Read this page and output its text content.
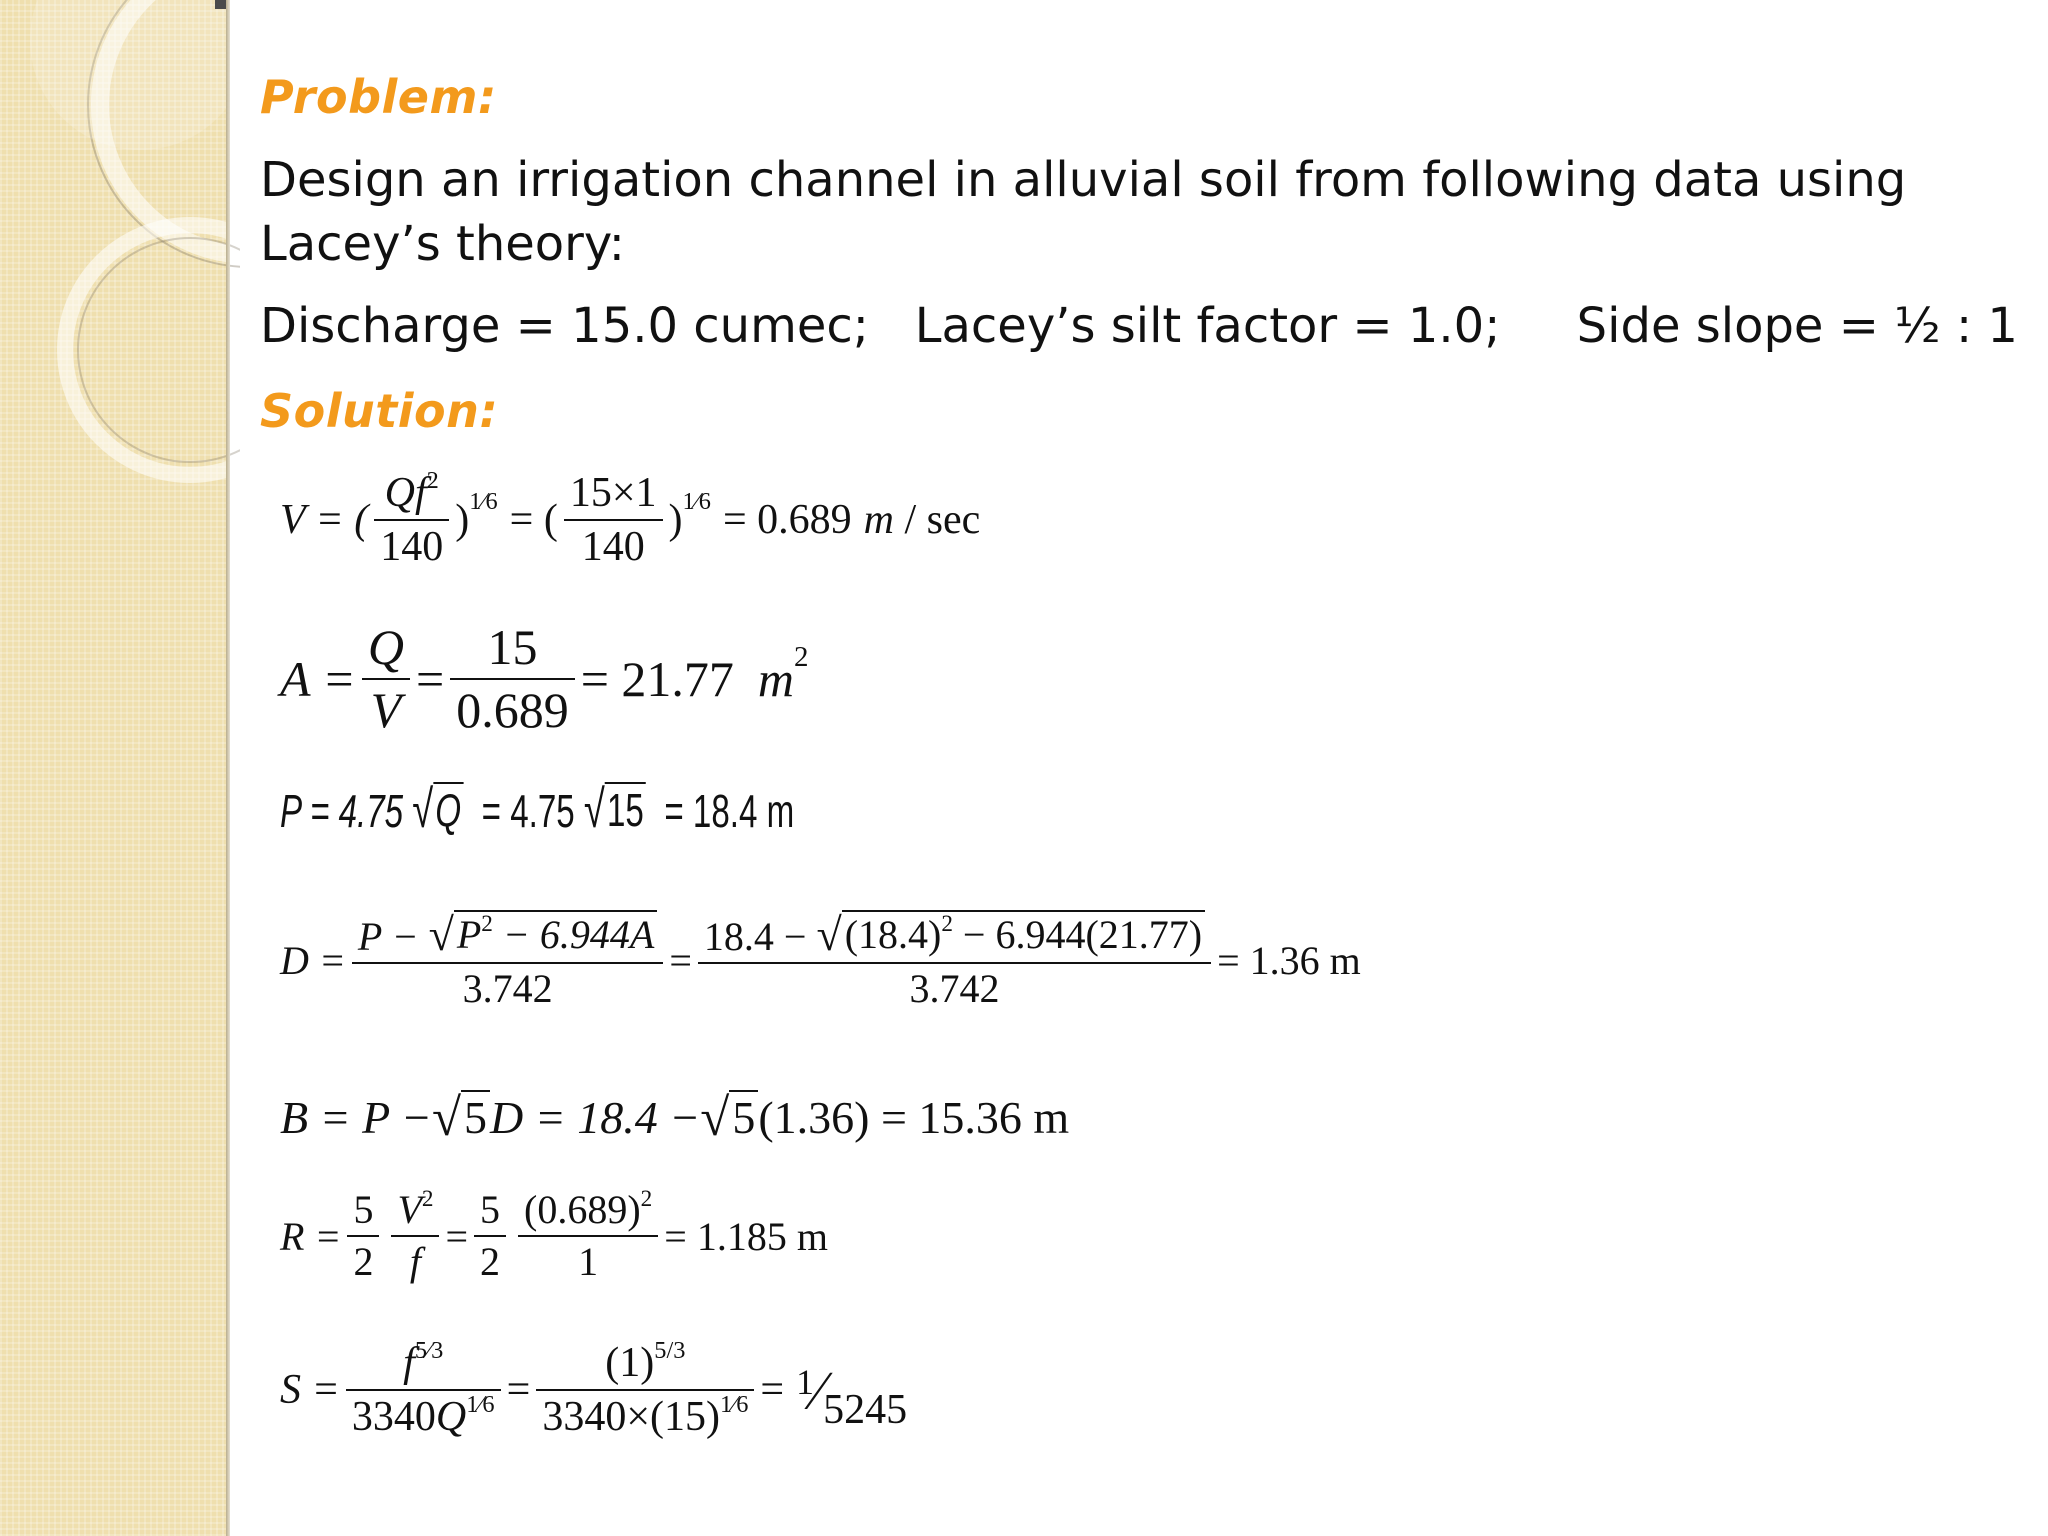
Problem:
Design an irrigation channel in alluvial soil from following data using Lacey’s theory:
Discharge = 15.0 cumec; Lacey’s silt factor = 1.0; Side slope = ½ : 1
Solution:
V = ( $\frac{Qf^2}{140}$ ) 1⁄6 = ( $\frac{15\times 1}{140}$ ) 1⁄6 = 0.689 m
/ sec
$A = \frac{Q}{V} = \frac{15}{0.689} = 21.77$ m 2
P = 4.75 √ Q = 4.75 √ 15 = 18.4 m
$D = \frac{P - √ P^2 - 6.944A}{3.742} = \frac{18.4 - √ (18.4)^2 - 6.944(21.77)}{3.742} = 1.36$ m
B = P − √ 5 D = 18.4 − √ 5 (1.36) = 15.36 m
$R = \frac{5}{2} \frac{V^2}{f} = \frac{5}{2} \frac{(0.689)^2}{1} = 1.185$ m
$S = \frac{f^{5⁄3}}{3340Q^{1⁄6}} = \frac{(1)^{5/3}}{3340\times(15)^{1⁄6}}$ = 1⁄5245
